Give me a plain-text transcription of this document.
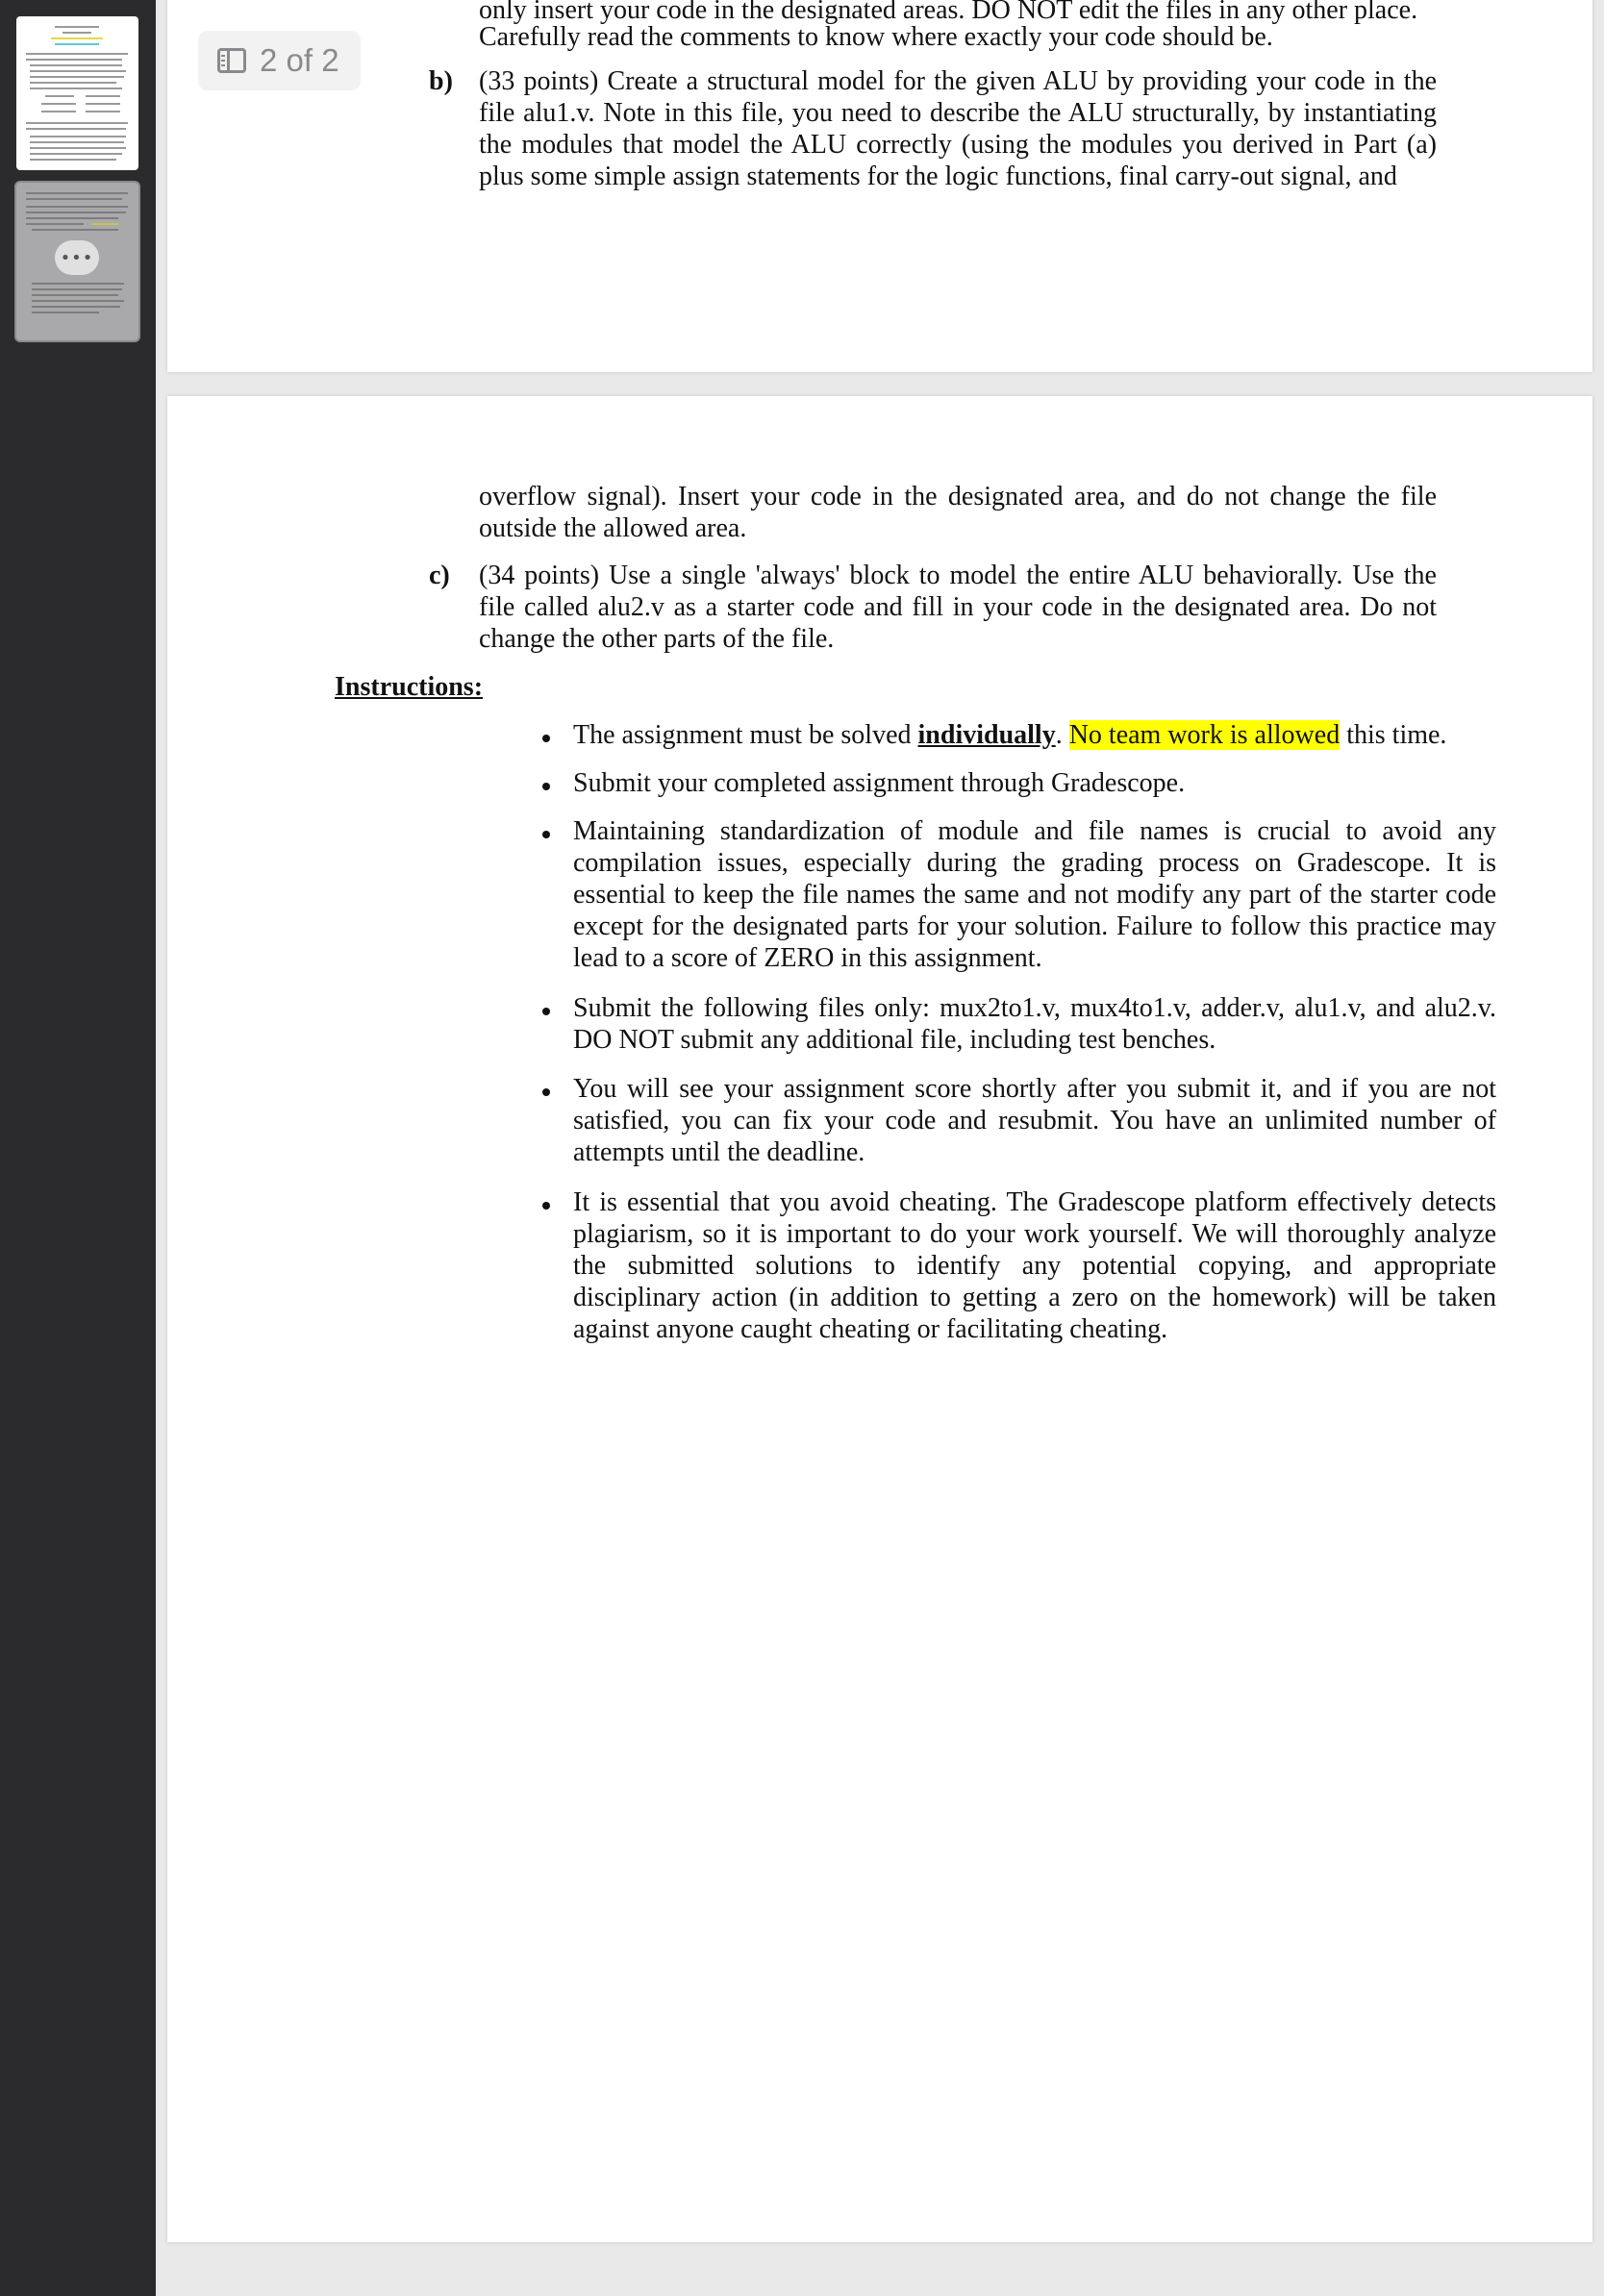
•••
2 of 2
only insert your code in the designated areas. DO NOT edit the files in any other place.
Carefully read the comments to know where exactly your code should be.
b) (33 points) Create a structural model for the given ALU by providing your code in the file alu1.v. Note in this file, you need to describe the ALU structurally, by instantiating the modules that model the ALU correctly (using the modules you derived in Part (a) plus some simple assign statements for the logic functions, final carry-out signal, and
overflow signal). Insert your code in the designated area, and do not change the file outside the allowed area.
c) (34 points) Use a single 'always' block to model the entire ALU behaviorally. Use the file called alu2.v as a starter code and fill in your code in the designated area. Do not change the other parts of the file.
Instructions:
The assignment must be solved individually. No team work is allowed this time.
Submit your completed assignment through Gradescope.
Maintaining standardization of module and file names is crucial to avoid any compilation issues, especially during the grading process on Gradescope. It is essential to keep the file names the same and not modify any part of the starter code except for the designated parts for your solution. Failure to follow this practice may lead to a score of ZERO in this assignment.
Submit the following files only: mux2to1.v, mux4to1.v, adder.v, alu1.v, and alu2.v. DO NOT submit any additional file, including test benches.
You will see your assignment score shortly after you submit it, and if you are not satisfied, you can fix your code and resubmit. You have an unlimited number of attempts until the deadline.
It is essential that you avoid cheating. The Gradescope platform effectively detects plagiarism, so it is important to do your work yourself. We will thoroughly analyze the submitted solutions to identify any potential copying, and appropriate disciplinary action (in addition to getting a zero on the homework) will be taken against anyone caught cheating or facilitating cheating.
